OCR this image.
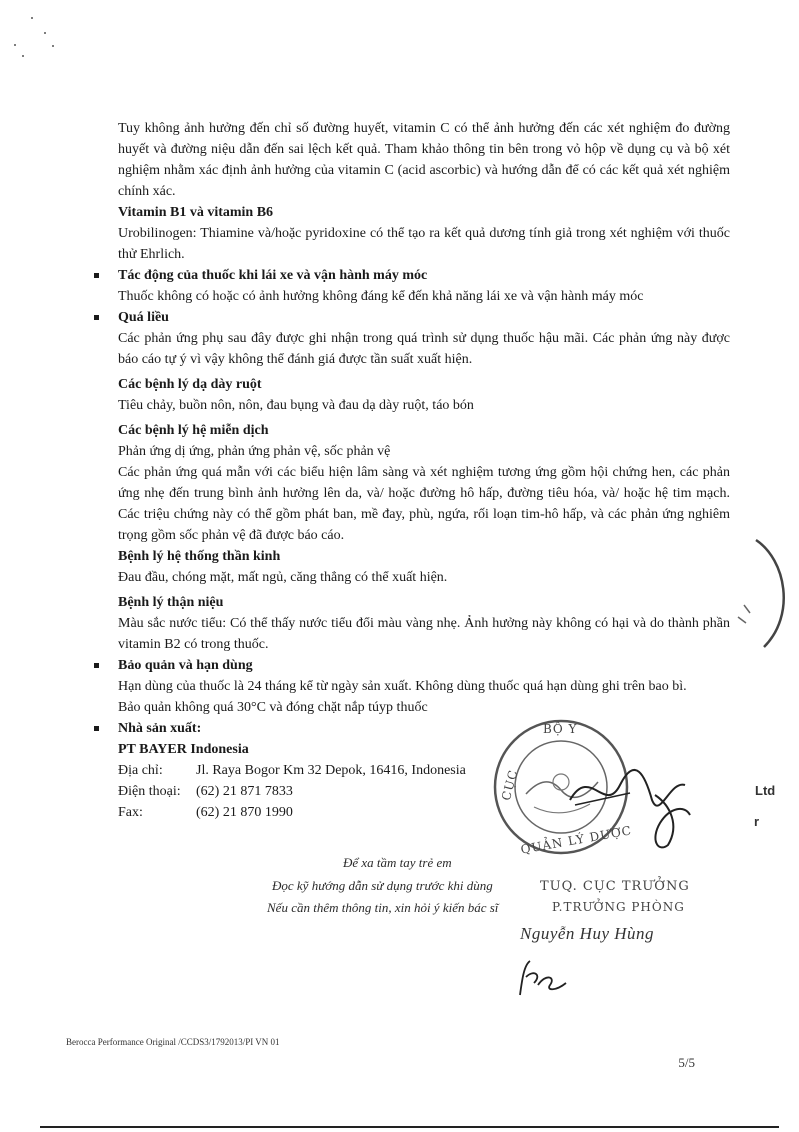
Tuy không ảnh hưởng đến chỉ số đường huyết, vitamin C có thể ảnh hưởng đến các xét nghiệm đo đường huyết và đường niệu dẫn đến sai lệch kết quả. Tham khảo thông tin bên trong vỏ hộp về dụng cụ và bộ xét nghiệm nhằm xác định ảnh hưởng của vitamin C (acid ascorbic) và hướng dẫn để có các kết quả xét nghiệm chính xác.

Vitamin B1 và vitamin B6

Urobilinogen: Thiamine và/hoặc pyridoxine có thể tạo ra kết quả dương tính giả trong xét nghiệm với thuốc thử Ehrlich.

Tác động của thuốc khi lái xe và vận hành máy móc

Thuốc không có hoặc có ảnh hưởng không đáng kể đến khả năng lái xe và vận hành máy móc

Quá liều

Các phản ứng phụ sau đây được ghi nhận trong quá trình sử dụng thuốc hậu mãi. Các phản ứng này được báo cáo tự ý vì vậy không thể đánh giá được tần suất xuất hiện.

Các bệnh lý dạ dày ruột

Tiêu chảy, buồn nôn, nôn, đau bụng và đau dạ dày ruột, táo bón

Các bệnh lý hệ miễn dịch

Phản ứng dị ứng, phản ứng phản vệ, sốc phản vệ

Các phản ứng quá mẫn với các biểu hiện lâm sàng và xét nghiệm tương ứng gồm hội chứng hen, các phản ứng nhẹ đến trung bình ảnh hưởng lên da, và/ hoặc đường hô hấp, đường tiêu hóa, và/ hoặc hệ tim mạch. Các triệu chứng này có thể gồm phát ban, mề đay, phù, ngứa, rối loạn tim-hô hấp, và các phản ứng nghiêm trọng gồm sốc phản vệ đã được báo cáo.

Bệnh lý hệ thống thần kinh

Đau đầu, chóng mặt, mất ngủ, căng thẳng có thể xuất hiện.

Bệnh lý thận niệu

Màu sắc nước tiểu: Có thể thấy nước tiểu đổi màu vàng nhẹ. Ảnh hưởng này không có hại và do thành phần vitamin B2 có trong thuốc.

Bảo quản và hạn dùng

Hạn dùng của thuốc là 24 tháng kể từ ngày sản xuất. Không dùng thuốc quá hạn dùng ghi trên bao bì.

Bảo quản không quá 30°C và đóng chặt nắp túyp thuốc

Nhà sản xuất:

PT BAYER Indonesia

Địa chỉ:	Jl. Raya Bogor Km 32 Depok, 16416, Indonesia
Điện thoại:	(62) 21 871 7833
Fax:	(62) 21 870 1990
BỘ Y
CỤC
QUẢN LÝ DƯỢC
Ltd
r
Để xa tầm tay trẻ em
Đọc kỹ hướng dẫn sử dụng trước khi dùng
Nếu cần thêm thông tin, xin hỏi ý kiến bác sĩ
TUQ. CỤC TRƯỞNG
P.TRƯỞNG PHÒNG
Nguyễn Huy Hùng
Berocca Performance Original /CCDS3/1792013/PI VN 01
5/5
